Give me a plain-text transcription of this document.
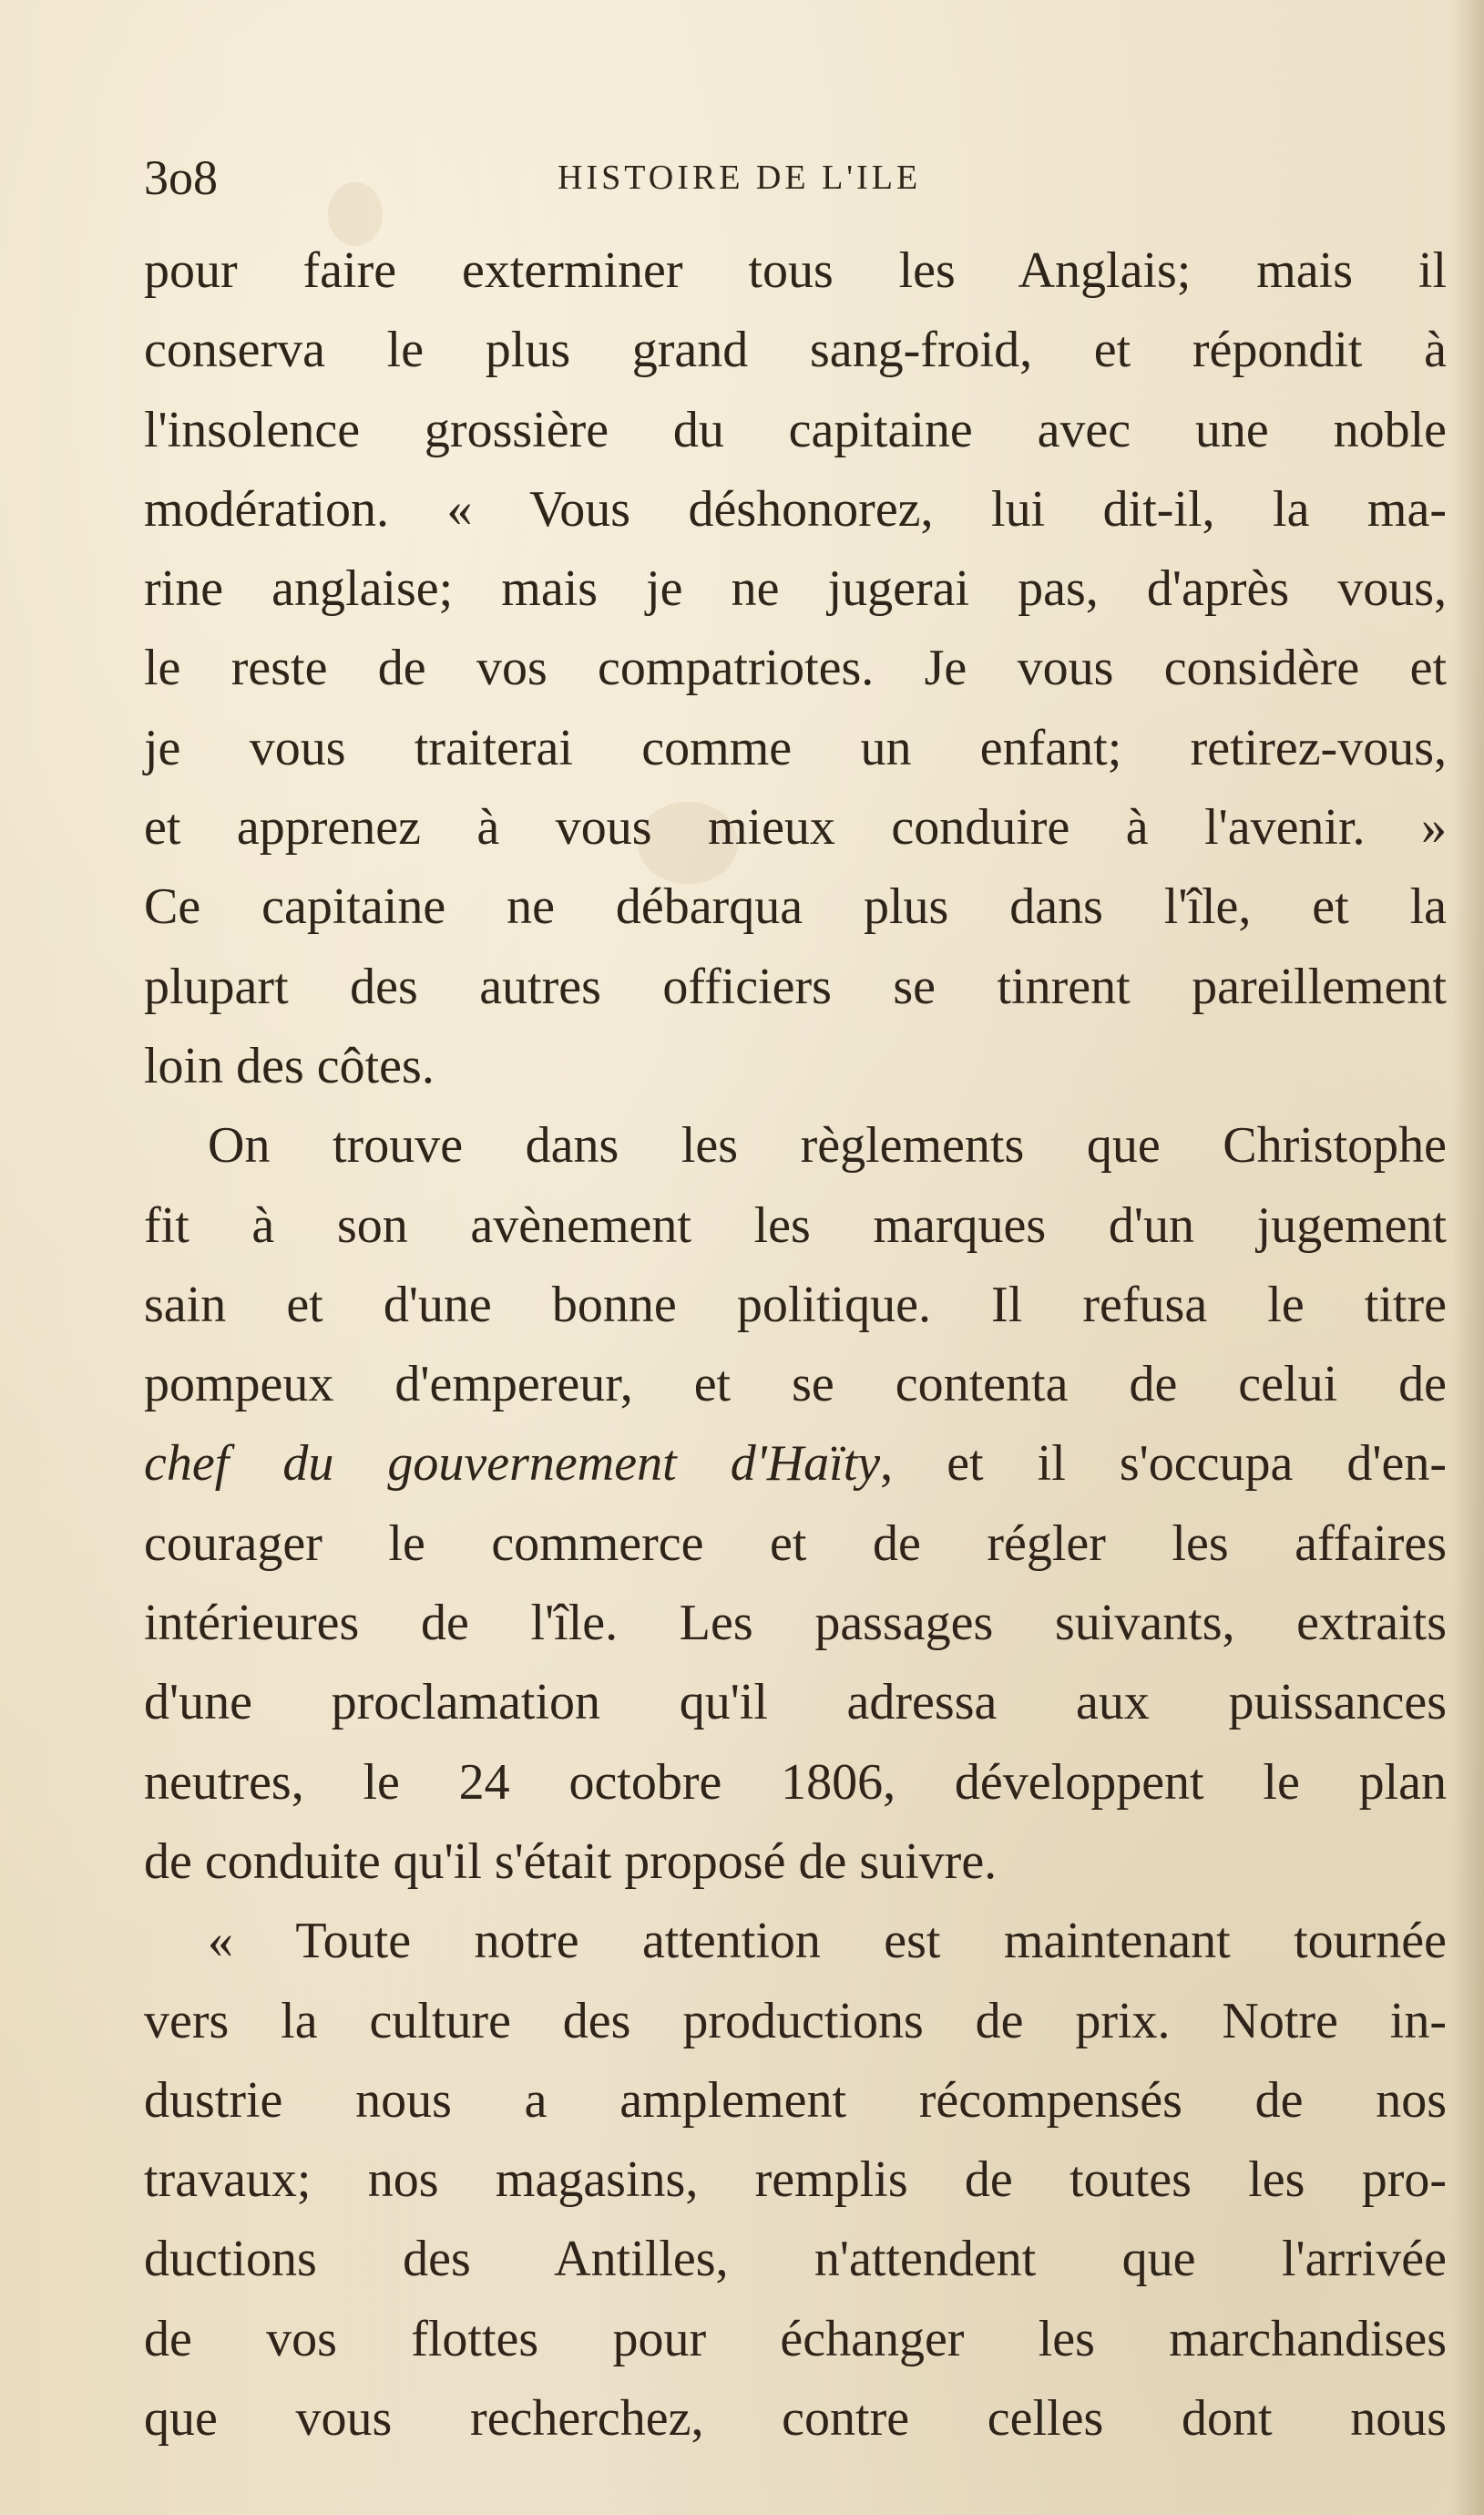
3o8	HISTOIRE DE L'ILE
pour faire exterminer tous les Anglais; mais il
conserva le plus grand sang-froid, et répondit à
l'insolence grossière du capitaine avec une noble
modération. « Vous déshonorez, lui dit-il, la ma-
rine anglaise; mais je ne jugerai pas, d'après vous,
le reste de vos compatriotes. Je vous considère et
je vous traiterai comme un enfant; retirez-vous,
et apprenez à vous mieux conduire à l'avenir. »
Ce capitaine ne débarqua plus dans l'île, et la
plupart des autres officiers se tinrent pareillement
loin des côtes.
On trouve dans les règlements que Christophe
fit à son avènement les marques d'un jugement
sain et d'une bonne politique. Il refusa le titre
pompeux d'empereur, et se contenta de celui de
chef du gouvernement d'Haïty, et il s'occupa d'en-
courager le commerce et de régler les affaires
intérieures de l'île. Les passages suivants, extraits
d'une proclamation qu'il adressa aux puissances
neutres, le 24 octobre 1806, développent le plan
de conduite qu'il s'était proposé de suivre.
« Toute notre attention est maintenant tournée
vers la culture des productions de prix. Notre in-
dustrie nous a amplement récompensés de nos
travaux; nos magasins, remplis de toutes les pro-
ductions des Antilles, n'attendent que l'arrivée
de vos flottes pour échanger les marchandises
que vous recherchez, contre celles dont nous
